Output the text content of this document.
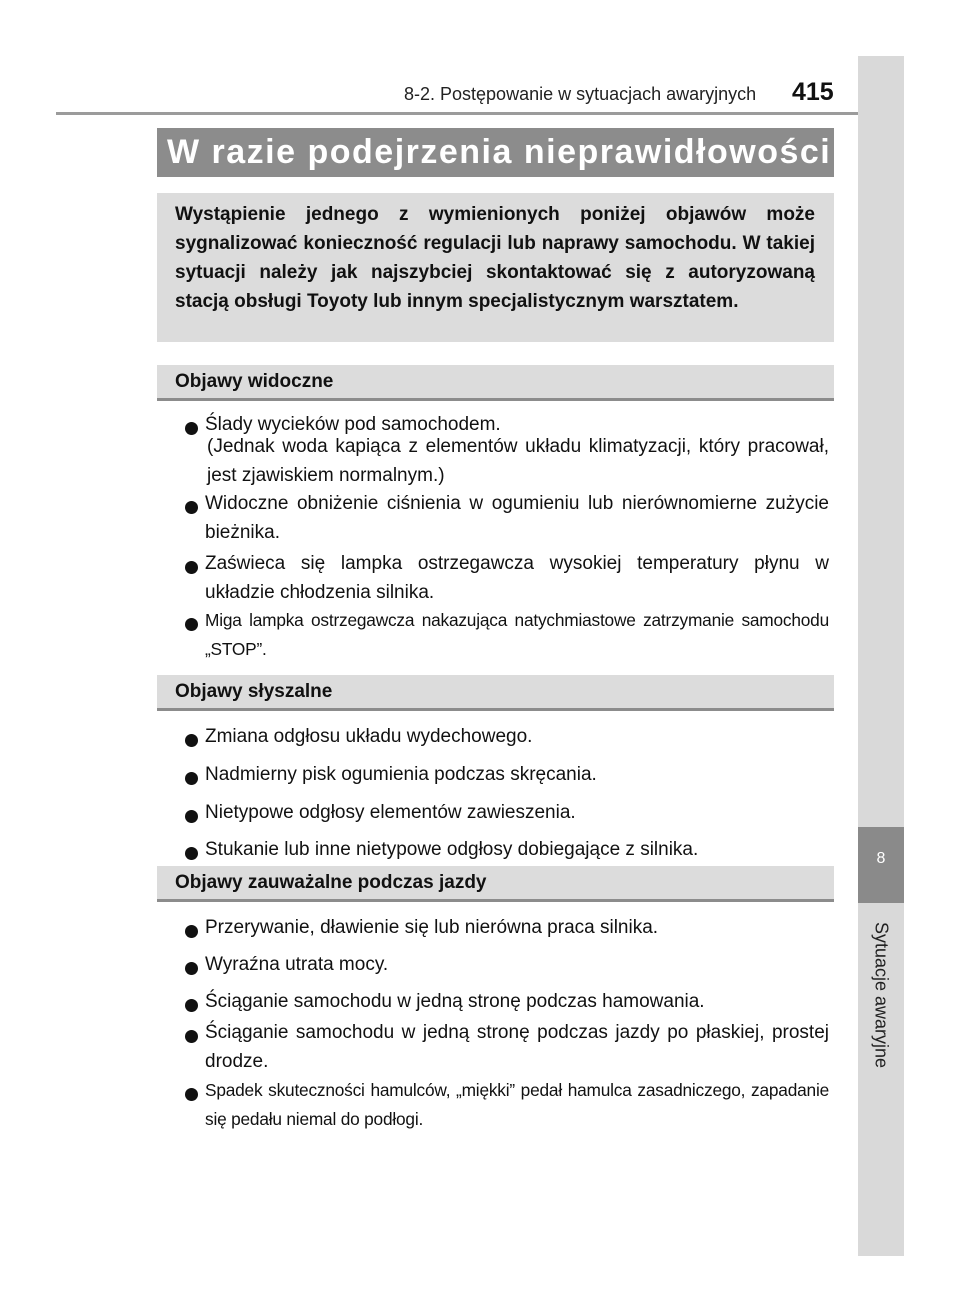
8-2. Postępowanie w sytuacjach awaryjnych 415
8
Sytuacje awaryjne
W razie podejrzenia nieprawidłowości

Wystąpienie jednego z wymienionych poniżej objawów może sygnalizować konieczność regulacji lub naprawy samochodu. W takiej sytuacji należy jak najszybciej skontaktować się z autoryzowaną stacją obsługi Toyoty lub innym specjalistycznym warsztatem.

Objawy widoczne

Ślady wycieków pod samochodem.

(Jednak woda kapiąca z elementów układu klimatyzacji, który pracował, jest zjawiskiem normalnym.)

Widoczne obniżenie ciśnienia w ogumieniu lub nierównomierne zużycie bieżnika.

Zaświeca się lampka ostrzegawcza wysokiej temperatury płynu w układzie chłodzenia silnika.

Miga lampka ostrzegawcza nakazująca natychmiastowe zatrzymanie samochodu „STOP”.

Objawy słyszalne

Zmiana odgłosu układu wydechowego.

Nadmierny pisk ogumienia podczas skręcania.

Nietypowe odgłosy elementów zawieszenia.

Stukanie lub inne nietypowe odgłosy dobiegające z silnika.

Objawy zauważalne podczas jazdy

Przerywanie, dławienie się lub nierówna praca silnika.

Wyraźna utrata mocy.

Ściąganie samochodu w jedną stronę podczas hamowania.

Ściąganie samochodu w jedną stronę podczas jazdy po płaskiej, prostej drodze.

Spadek skuteczności hamulców, „miękki” pedał hamulca zasadniczego, zapadanie się pedału niemal do podłogi.
